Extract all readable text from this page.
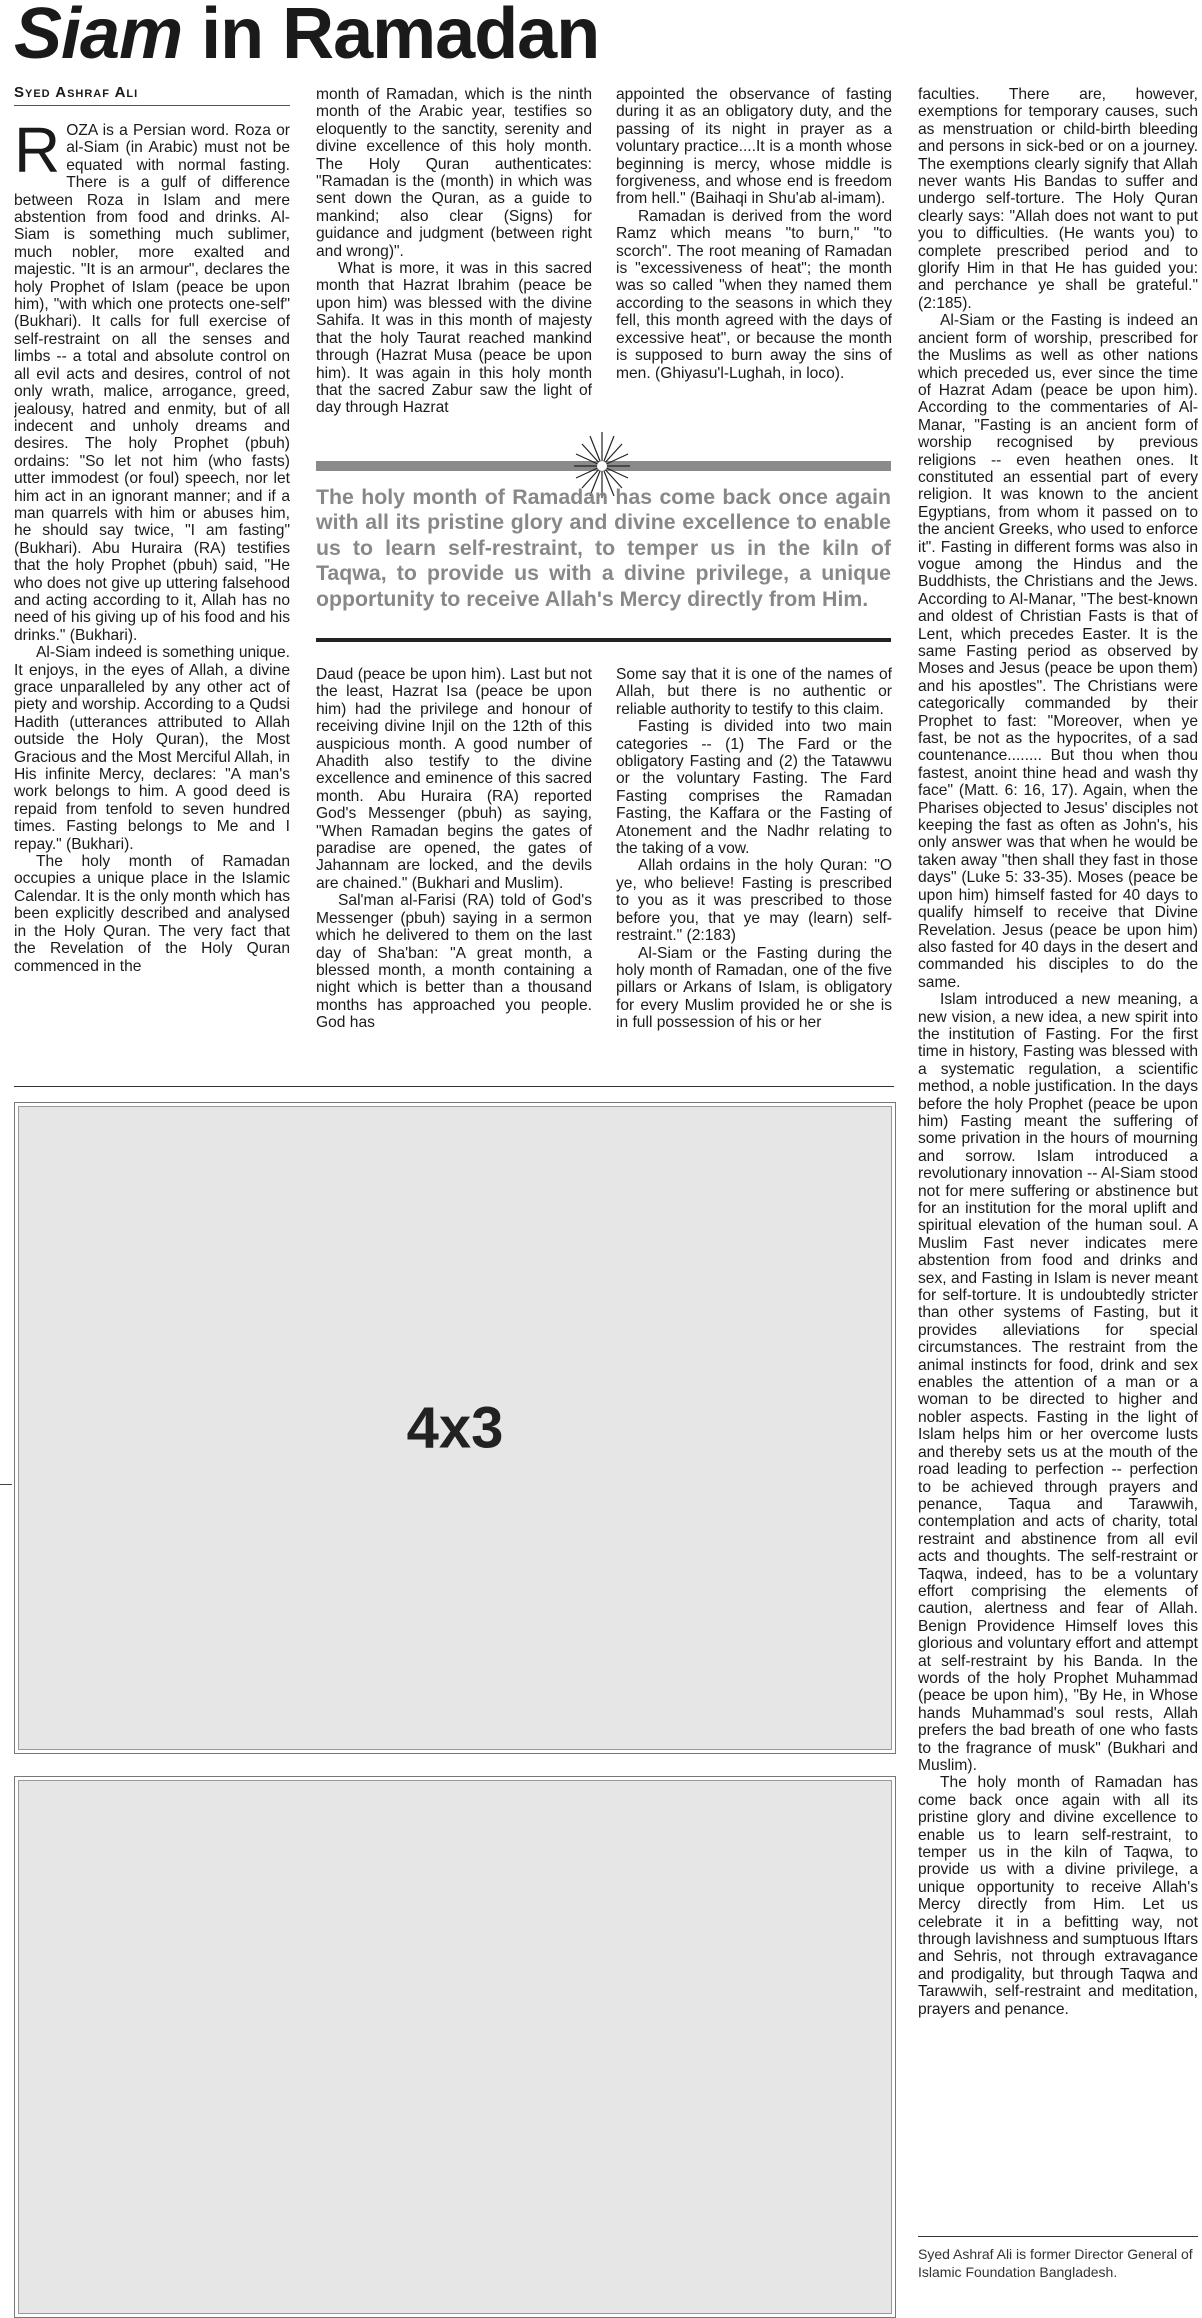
Siam in Ramadan
Syed Ashraf Ali

ROZA is a Persian word. Roza or al-Siam (in Arabic) must not be equated with normal fasting. There is a gulf of difference between Roza in Islam and mere abstention from food and drinks. Al-Siam is something much sublimer, much nobler, more exalted and majestic. "It is an armour", declares the holy Prophet of Islam (peace be upon him), "with which one protects one-self" (Bukhari). It calls for full exercise of self-restraint on all the senses and limbs -- a total and absolute control on all evil acts and desires, control of not only wrath, malice, arrogance, greed, jealousy, hatred and enmity, but of all indecent and unholy dreams and desires. The holy Prophet (pbuh) ordains: "So let not him (who fasts) utter immodest (or foul) speech, nor let him act in an ignorant manner; and if a man quarrels with him or abuses him, he should say twice, "I am fasting" (Bukhari). Abu Huraira (RA) testifies that the holy Prophet (pbuh) said, "He who does not give up uttering falsehood and acting according to it, Allah has no need of his giving up of his food and his drinks." (Bukhari).

Al-Siam indeed is something unique. It enjoys, in the eyes of Allah, a divine grace unparalleled by any other act of piety and worship. According to a Qudsi Hadith (utterances attributed to Allah outside the Holy Quran), the Most Gracious and the Most Merciful Allah, in His infinite Mercy, declares: "A man's work belongs to him. A good deed is repaid from tenfold to seven hundred times. Fasting belongs to Me and I repay." (Bukhari).

The holy month of Ramadan occupies a unique place in the Islamic Calendar. It is the only month which has been explicitly described and analysed in the Holy Quran. The very fact that the Revelation of the Holy Quran commenced in the

month of Ramadan, which is the ninth month of the Arabic year, testifies so eloquently to the sanctity, serenity and divine excellence of this holy month. The Holy Quran authenticates: "Ramadan is the (month) in which was sent down the Quran, as a guide to mankind; also clear (Signs) for guidance and judgment (between right and wrong)".

What is more, it was in this sacred month that Hazrat Ibrahim (peace be upon him) was blessed with the divine Sahifa. It was in this month of majesty that the holy Taurat reached mankind through (Hazrat Musa (peace be upon him). It was again in this holy month that the sacred Zabur saw the light of day through Hazrat

appointed the observance of fasting during it as an obligatory duty, and the passing of its night in prayer as a voluntary practice....It is a month whose beginning is mercy, whose middle is forgiveness, and whose end is freedom from hell." (Baihaqi in Shu'ab al-imam).

Ramadan is derived from the word Ramz which means "to burn," "to scorch". The root meaning of Ramadan is "excessiveness of heat"; the month was so called "when they named them according to the seasons in which they fell, this month agreed with the days of excessive heat", or because the month is supposed to burn away the sins of men. (Ghiyasu'l-Lughah, in loco).

The holy month of Ramadan has come back once again with all its pristine glory and divine excellence to enable us to learn self-restraint, to temper us in the kiln of Taqwa, to provide us with a divine privilege, a unique opportunity to receive Allah's Mercy directly from Him.

Daud (peace be upon him). Last but not the least, Hazrat Isa (peace be upon him) had the privilege and honour of receiving divine Injil on the 12th of this auspicious month. A good number of Ahadith also testify to the divine excellence and eminence of this sacred month. Abu Huraira (RA) reported God's Messenger (pbuh) as saying, "When Ramadan begins the gates of paradise are opened, the gates of Jahannam are locked, and the devils are chained." (Bukhari and Muslim).

Sal'man al-Farisi (RA) told of God's Messenger (pbuh) saying in a sermon which he delivered to them on the last day of Sha'ban: "A great month, a blessed month, a month containing a night which is better than a thousand months has approached you people. God has

Some say that it is one of the names of Allah, but there is no authentic or reliable authority to testify to this claim.

Fasting is divided into two main categories -- (1) The Fard or the obligatory Fasting and (2) the Tatawwu or the voluntary Fasting. The Fard Fasting comprises the Ramadan Fasting, the Kaffara or the Fasting of Atonement and the Nadhr relating to the taking of a vow.

Allah ordains in the holy Quran: "O ye, who believe! Fasting is prescribed to you as it was prescribed to those before you, that ye may (learn) self-restraint." (2:183)

Al-Siam or the Fasting during the holy month of Ramadan, one of the five pillars or Arkans of Islam, is obligatory for every Muslim provided he or she is in full possession of his or her

faculties. There are, however, exemptions for temporary causes, such as menstruation or child-birth bleeding and persons in sick-bed or on a journey. The exemptions clearly signify that Allah never wants His Bandas to suffer and undergo self-torture. The Holy Quran clearly says: "Allah does not want to put you to difficulties. (He wants you) to complete prescribed period and to glorify Him in that He has guided you: and perchance ye shall be grateful." (2:185).

Al-Siam or the Fasting is indeed an ancient form of worship, prescribed for the Muslims as well as other nations which preceded us, ever since the time of Hazrat Adam (peace be upon him). According to the commentaries of Al-Manar, "Fasting is an ancient form of worship recognised by previous religions -- even heathen ones. It constituted an essential part of every religion. It was known to the ancient Egyptians, from whom it passed on to the ancient Greeks, who used to enforce it". Fasting in different forms was also in vogue among the Hindus and the Buddhists, the Christians and the Jews. According to Al-Manar, "The best-known and oldest of Christian Fasts is that of Lent, which precedes Easter. It is the same Fasting period as observed by Moses and Jesus (peace be upon them) and his apostles". The Christians were categorically commanded by their Prophet to fast: "Moreover, when ye fast, be not as the hypocrites, of a sad countenance........ But thou when thou fastest, anoint thine head and wash thy face" (Matt. 6: 16, 17). Again, when the Pharises objected to Jesus' disciples not keeping the fast as often as John's, his only answer was that when he would be taken away "then shall they fast in those days" (Luke 5: 33-35). Moses (peace be upon him) himself fasted for 40 days to qualify himself to receive that Divine Revelation. Jesus (peace be upon him) also fasted for 40 days in the desert and commanded his disciples to do the same.

Islam introduced a new meaning, a new vision, a new idea, a new spirit into the institution of Fasting. For the first time in history, Fasting was blessed with a systematic regulation, a scientific method, a noble justification. In the days before the holy Prophet (peace be upon him) Fasting meant the suffering of some privation in the hours of mourning and sorrow. Islam introduced a revolutionary innovation -- Al-Siam stood not for mere suffering or abstinence but for an institution for the moral uplift and spiritual elevation of the human soul. A Muslim Fast never indicates mere abstention from food and drinks and sex, and Fasting in Islam is never meant for self-torture. It is undoubtedly stricter than other systems of Fasting, but it provides alleviations for special circumstances. The restraint from the animal instincts for food, drink and sex enables the attention of a man or a woman to be directed to higher and nobler aspects. Fasting in the light of Islam helps him or her overcome lusts and thereby sets us at the mouth of the road leading to perfection -- perfection to be achieved through prayers and penance, Taqua and Tarawwih, contemplation and acts of charity, total restraint and abstinence from all evil acts and thoughts. The self-restraint or Taqwa, indeed, has to be a voluntary effort comprising the elements of caution, alertness and fear of Allah. Benign Providence Himself loves this glorious and voluntary effort and attempt at self-restraint by his Banda. In the words of the holy Prophet Muhammad (peace be upon him), "By He, in Whose hands Muhammad's soul rests, Allah prefers the bad breath of one who fasts to the fragrance of musk" (Bukhari and Muslim).

The holy month of Ramadan has come back once again with all its pristine glory and divine excellence to enable us to learn self-restraint, to temper us in the kiln of Taqwa, to provide us with a divine privilege, a unique opportunity to receive Allah's Mercy directly from Him. Let us celebrate it in a befitting way, not through lavishness and sumptuous Iftars and Sehris, not through extravagance and prodigality, but through Taqwa and Tarawwih, self-restraint and meditation, prayers and penance.

4x3
Syed Ashraf Ali is former Director General of Islamic Foundation Bangladesh.
